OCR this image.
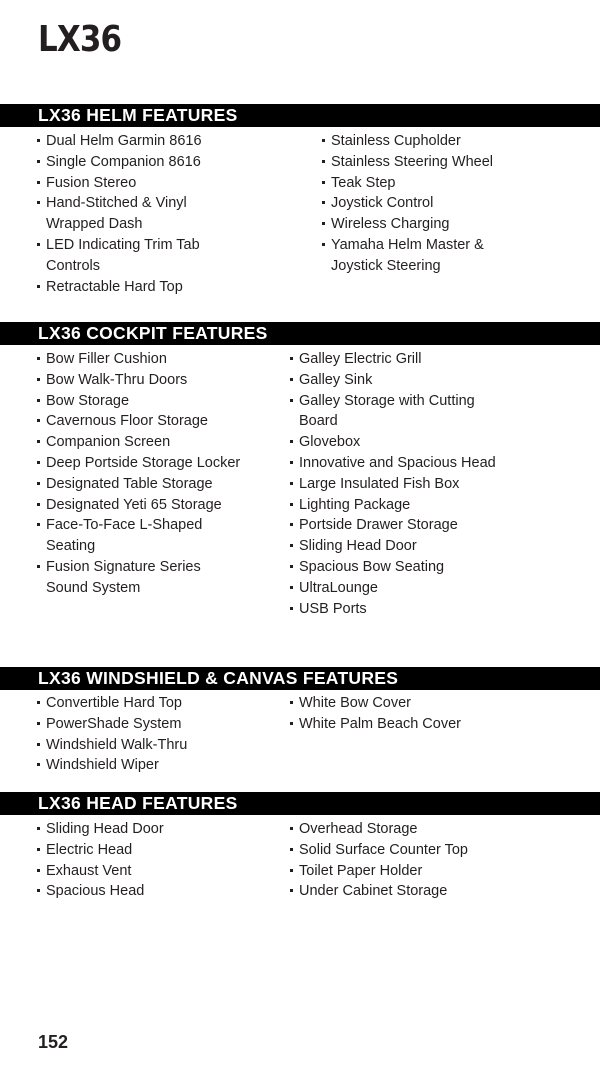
LX36
LX36 HELM FEATURES
Dual Helm Garmin 8616
Single Companion 8616
Fusion Stereo
Hand-Stitched & Vinyl Wrapped Dash
LED Indicating Trim Tab Controls
Retractable Hard Top
Stainless Cupholder
Stainless Steering Wheel
Teak Step
Joystick Control
Wireless Charging
Yamaha Helm Master & Joystick Steering
LX36 COCKPIT FEATURES
Bow Filler Cushion
Bow Walk-Thru Doors
Bow Storage
Cavernous Floor Storage
Companion Screen
Deep Portside Storage Locker
Designated Table Storage
Designated Yeti 65 Storage
Face-To-Face L-Shaped Seating
Fusion Signature Series Sound System
Galley Electric Grill
Galley Sink
Galley Storage with Cutting Board
Glovebox
Innovative and Spacious Head
Large Insulated Fish Box
Lighting Package
Portside Drawer Storage
Sliding Head Door
Spacious Bow Seating
UltraLounge
USB Ports
LX36 WINDSHIELD & CANVAS FEATURES
Convertible Hard Top
PowerShade System
Windshield Walk-Thru
Windshield Wiper
White Bow Cover
White Palm Beach Cover
LX36 HEAD FEATURES
Sliding Head Door
Electric Head
Exhaust Vent
Spacious Head
Overhead Storage
Solid Surface Counter Top
Toilet Paper Holder
Under Cabinet Storage
152
